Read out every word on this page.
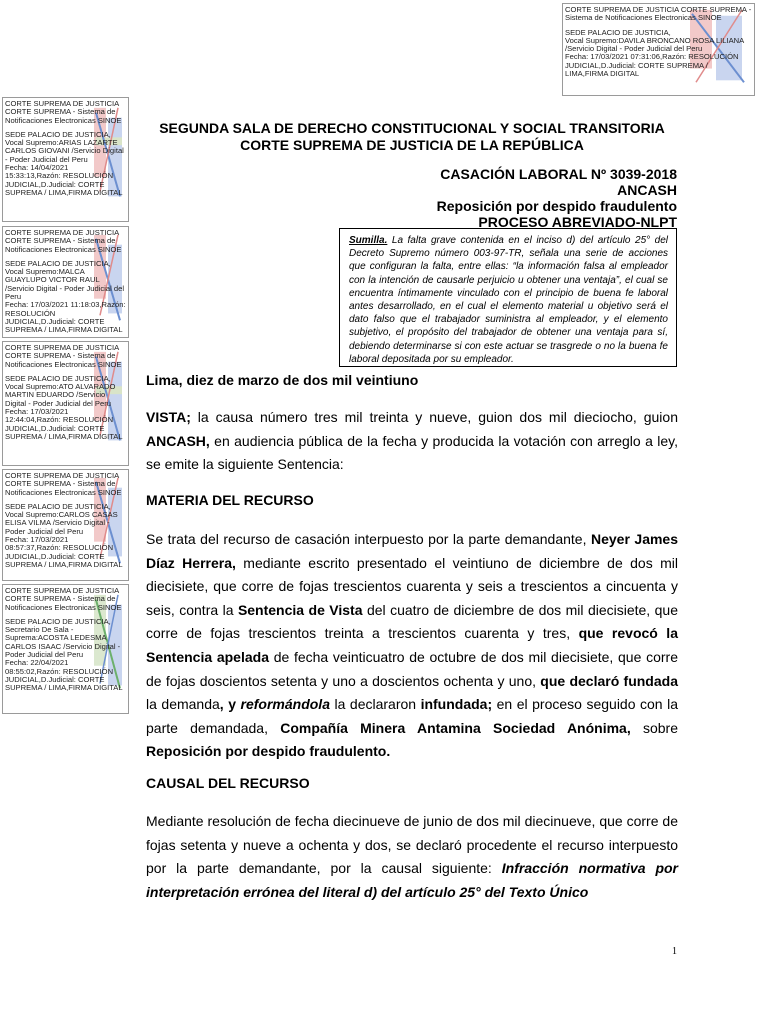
CORTE SUPREMA DE JUSTICIA CORTE SUPREMA - Sistema de Notificaciones Electronicas SINOE
SEDE PALACIO DE JUSTICIA,
Vocal Supremo:ARIAS LAZARTE CARLOS GIOVANI /Servicio Digital - Poder Judicial del Peru
Fecha: 14/04/2021 15:33:13,Razón: RESOLUCIÓN JUDICIAL,D.Judicial: CORTE SUPREMA / LIMA,FIRMA DIGITAL
CORTE SUPREMA DE JUSTICIA CORTE SUPREMA - Sistema de Notificaciones Electronicas SINOE
SEDE PALACIO DE JUSTICIA,
Vocal Supremo:MALCA GUAYLUPO VICTOR RAUL /Servicio Digital - Poder Judicial del Peru
Fecha: 17/03/2021 11:18:03,Razón: RESOLUCIÓN JUDICIAL,D.Judicial: CORTE SUPREMA / LIMA,FIRMA DIGITAL
CORTE SUPREMA DE JUSTICIA CORTE SUPREMA - Sistema de Notificaciones Electronicas SINOE
SEDE PALACIO DE JUSTICIA,
Vocal Supremo:ATO ALVARADO MARTIN EDUARDO /Servicio Digital - Poder Judicial del Peru
Fecha: 17/03/2021 12:44:04,Razón: RESOLUCIÓN JUDICIAL,D.Judicial: CORTE SUPREMA / LIMA,FIRMA DIGITAL
CORTE SUPREMA DE JUSTICIA CORTE SUPREMA - Sistema de Notificaciones Electronicas SINOE
SEDE PALACIO DE JUSTICIA,
Vocal Supremo:CARLOS CASAS ELISA VILMA /Servicio Digital - Poder Judicial del Peru
Fecha: 17/03/2021 08:57:37,Razón: RESOLUCIÓN JUDICIAL,D.Judicial: CORTE SUPREMA / LIMA,FIRMA DIGITAL
CORTE SUPREMA DE JUSTICIA CORTE SUPREMA - Sistema de Notificaciones Electronicas SINOE
SEDE PALACIO DE JUSTICIA,
Secretario De Sala - Suprema:ACOSTA LEDESMA CARLOS ISAAC /Servicio Digital - Poder Judicial del Peru
Fecha: 22/04/2021 08:55:02,Razón: RESOLUCIÓN JUDICIAL,D.Judicial: CORTE SUPREMA / LIMA,FIRMA DIGITAL
CORTE SUPREMA DE JUSTICIA CORTE SUPREMA - Sistema de Notificaciones Electronicas SINOE
SEDE PALACIO DE JUSTICIA,
Vocal Supremo:DAVILA BRONCANO ROSA LILIANA /Servicio Digital - Poder Judicial del Peru
Fecha: 17/03/2021 07:31:06,Razón: RESOLUCIÓN JUDICIAL,D.Judicial: CORTE SUPREMA / LIMA,FIRMA DIGITAL
SEGUNDA SALA DE DERECHO CONSTITUCIONAL Y SOCIAL TRANSITORIA
CORTE SUPREMA DE JUSTICIA DE LA REPÚBLICA
CASACIÓN LABORAL Nº 3039-2018
ANCASH
Reposición por despido fraudulento
PROCESO ABREVIADO-NLPT
Sumilla. La falta grave contenida en el inciso d) del artículo 25° del Decreto Supremo número 003-97-TR, señala una serie de acciones que configuran la falta, entre ellas: “la información falsa al empleador con la intención de causarle perjuicio u obtener una ventaja”, el cual se encuentra íntimamente vinculado con el principio de buena fe laboral antes desarrollado, en el cual el elemento material u objetivo será el dato falso que el trabajador suministra al empleador, y el elemento subjetivo, el propósito del trabajador de obtener una ventaja para sí, debiendo determinarse si con este actuar se trasgrede o no la buena fe laboral depositada por su empleador.
Lima, diez de marzo de dos mil veintiuno
VISTA; la causa número tres mil treinta y nueve, guion dos mil dieciocho, guion ANCASH, en audiencia pública de la fecha y producida la votación con arreglo a ley, se emite la siguiente Sentencia:
MATERIA DEL RECURSO
Se trata del recurso de casación interpuesto por la parte demandante, Neyer James Díaz Herrera, mediante escrito presentado el veintiuno de diciembre de dos mil diecisiete, que corre de fojas trescientos cuarenta y seis a trescientos a cincuenta y seis, contra la Sentencia de Vista del cuatro de diciembre de dos mil diecisiete, que corre de fojas trescientos treinta a trescientos cuarenta y tres, que revocó la Sentencia apelada de fecha veinticuatro de octubre de dos mil diecisiete, que corre de fojas doscientos setenta y uno a doscientos ochenta y uno, que declaró fundada la demanda, y reformándola la declararon infundada; en el proceso seguido con la parte demandada, Compañía Minera Antamina Sociedad Anónima, sobre Reposición por despido fraudulento.
CAUSAL DEL RECURSO
Mediante resolución de fecha diecinueve de junio de dos mil diecinueve, que corre de fojas setenta y nueve a ochenta y dos, se declaró procedente el recurso interpuesto por la parte demandante, por la causal siguiente: Infracción normativa por interpretación errónea del literal d) del artículo 25° del Texto Único
1
